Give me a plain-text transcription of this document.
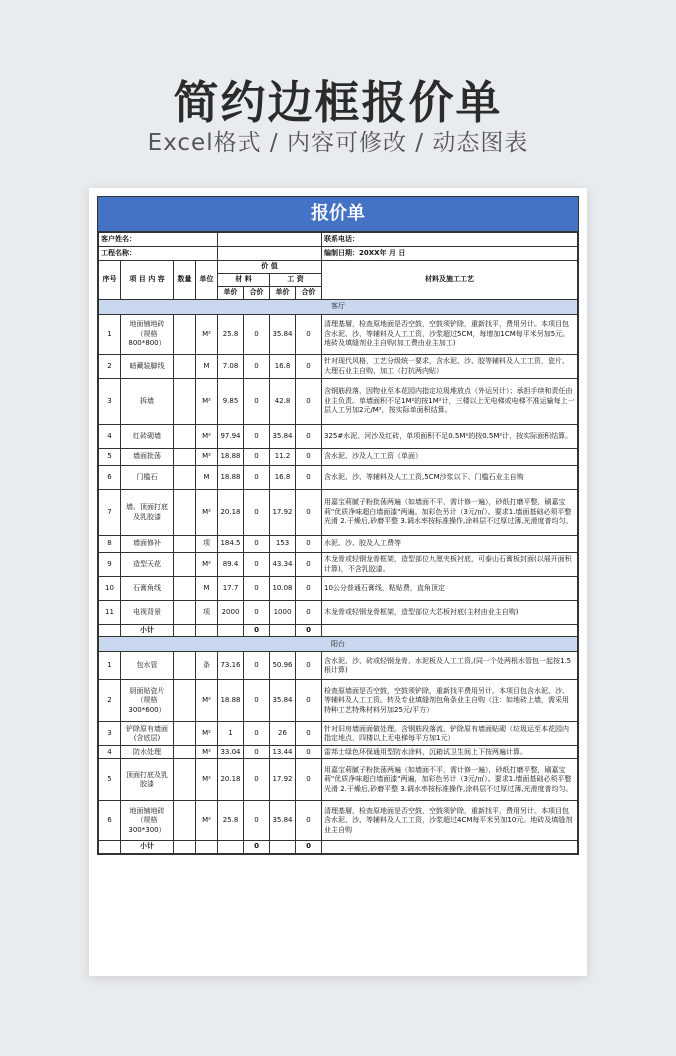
简约边框报价单
Excel格式 / 内容可修改 / 动态图表
报价单
客户姓名：								联系电话：
工程名称：								编制日期：20XX年 月 日
序号	项 目 内 容	数量	单位	价 值				材料及施工工艺
				材 料		工 资		
				单价	合价	单价	合价	
客厅								
1	地面铺地砖（规格800*800）		M²	25.8	0	35.84	0	清理基層，检查原地面是否空鼓，空鼓须铲除，重新找平，费用另计。本项目包含水泥、沙、等辅料及人工工资，沙浆超过5CM，每增加1CM每平米另加5元。地砖及填缝剂业主自购(加工费由业主加工)
2	暗藏装脚线		M	7.08	0	16.8	0	针对现代风格，工艺分级统一要求，含水泥、沙、胶等辅料及人工工资，瓷片、大理石业主自购、加工（打抗两内贴）
3	拆墙		M²	9.85	0	42.8	0	含钢筋段落，因物业至本花园内指定垃圾堆放点（外运另计）；承担手续和责任由业主负责。单墙面积不足1M²的按1M²计，三楼以上无电梯或电梯不准运输每上一层人工另加2元/M²，按实际单面积结算。
4	红砖砌墙		M²	97.94	0	35.84	0	325#水泥、河沙及红砖，单项面积不足0.5M²的按0.5M²计，按实际面积结算。
5	墙面批荡		M²	18.88	0	11.2	0	含水泥、沙及人工工资（单面）
6	门槛石		M	18.88	0	16.8	0	含水泥、沙、等辅料及人工工资,5CM沙浆以下、门槛石业主自购
7	墙、顶面打底及乳胶漆		M²	20.18	0	17.92	0	用嘉宝莉腻子粉批荡两遍（如墙面不平，需计修一遍），砂纸打磨平整，刷嘉宝莉"优质净味超白墙面漆"两遍。加彩色另计（3元/㎡）。要求1.墙面基础必须平整光滑 2.干燥后,砂磨平整 3.调水率按标准操作,涂料层不过厚过薄,光滑度普均匀。
8	墙面修补		项	184.5	0	153	0	水泥、沙、胶及人工费等
9	造型天花		M²	89.4	0	43.34	0	木龙骨或轻钢龙骨框架，造型部位九厘夹板衬底，可泰山石膏板封面(以展开面积计算)，不含乳胶漆。
10	石膏角线		M	17.7	0	10.08	0	10公分普通石膏线，粘贴费，直角顶定
11	电视背景		项	2000	0	1000	0	木龙骨或轻钢龙骨框架，造型部位大芯板衬底(主材由业主自购)
	小计				0		0	
阳台								
1	包水管		条	73.16	0	50.96	0	含水泥、沙、砖或轻钢龙骨、水泥板及人工工资,(同一个处两根水管包一起按1.5根计算)
2	厨面贴瓷片（规格300*600）		M²	18.88	0	35.84	0	检查原墙面是否空鼓，空鼓须铲除，重新找平费用另计。本项目包含水泥、沙、等辅料及人工工资。转及专业填缝剂包角条业主自购（注：如地砖上墙，需采用特种工艺特殊材料另加25元/平方）
3	铲除原有墙面(含底层)		M²	1	0	26	0	针对旧房墙面面做处理。含钢筋段落流、铲除原有墙面贴砌（垃圾运至本花园内指定地点，四楼以上无电梯每平方加1元）
4	防水处理		M²	33.04	0	13.44	0	雷邦士绿色环保通用型防水涂料，沉箱试卫生间上下按两遍计算。
5	顶面打底及乳胶漆		M²	20.18	0	17.92	0	用嘉宝莉腻子粉批荡两遍（如墙面不平，需计修一遍），砂纸打磨平整，刷嘉宝莉"优质净味超白墙面漆"两遍，加彩色另计（3元/㎡）。要求1.墙面基础必须平整光滑 2.干燥后,砂磨平整 3.调水率按标准操作,涂料层不过厚过薄,光滑度普均匀。
6	地面铺地砖（规格300*300）		M²	25.8	0	35.84	0	清理基層，检查原地面是否空鼓，空鼓须铲除，重新找平，费用另计。本项目包含水泥、沙、等辅料及人工工资，沙浆超过4CM每平米另加10元。地砖及填缝剂业主自购
	小计				0		0	
